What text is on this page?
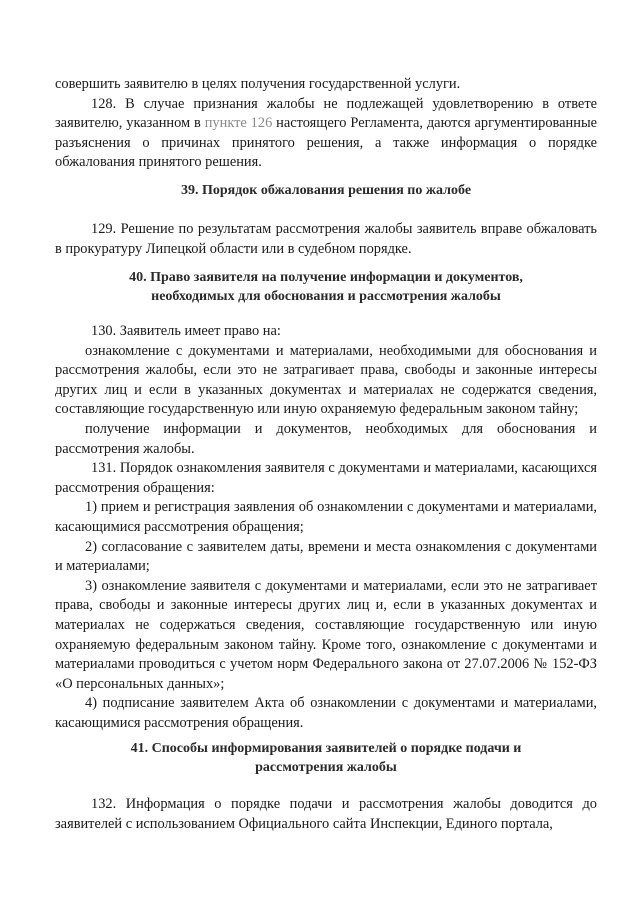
совершить заявителю в целях получения государственной услуги.

128. В случае признания жалобы не подлежащей удовлетворению в ответе заявителю, указанном в пункте 126 настоящего Регламента, даются аргументированные разъяснения о причинах принятого решения, а также информация о порядке обжалования принятого решения.

39. Порядок обжалования решения по жалобе

129. Решение по результатам рассмотрения жалобы заявитель вправе обжаловать в прокуратуру Липецкой области или в судебном порядке.

40. Право заявителя на получение информации и документов,

необходимых для обоснования и рассмотрения жалобы

130. Заявитель имеет право на:

ознакомление с документами и материалами, необходимыми для обоснования и рассмотрения жалобы, если это не затрагивает права, свободы и законные интересы других лиц и если в указанных документах и материалах не содержатся сведения, составляющие государственную или иную охраняемую федеральным законом тайну;

получение информации и документов, необходимых для обоснования и рассмотрения жалобы.

131. Порядок ознакомления заявителя с документами и материалами, касающихся рассмотрения обращения:

1) прием и регистрация заявления об ознакомлении с документами и материалами, касающимися рассмотрения обращения;

2) согласование с заявителем даты, времени и места ознакомления с документами и материалами;

3) ознакомление заявителя с документами и материалами, если это не затрагивает права, свободы и законные интересы других лиц и, если в указанных документах и материалах не содержаться сведения, составляющие государственную или иную охраняемую федеральным законом тайну. Кроме того, ознакомление с документами и материалами проводиться с учетом норм Федерального закона от 27.07.2006 № 152-ФЗ «О персональных данных»;

4) подписание заявителем Акта об ознакомлении с документами и материалами, касающимися рассмотрения обращения.

41. Способы информирования заявителей о порядке подачи и

рассмотрения жалобы

132. Информация о порядке подачи и рассмотрения жалобы доводится до заявителей с использованием Официального сайта Инспекции, Единого портала,
